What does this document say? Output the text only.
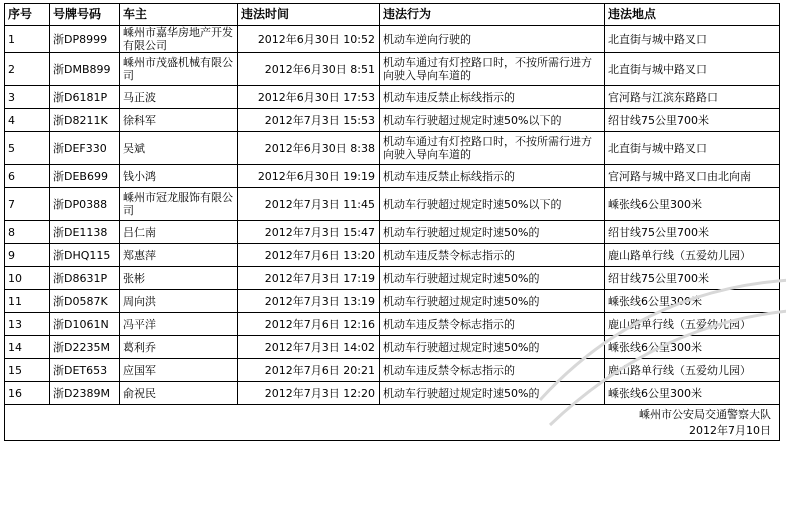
序号	号牌号码	车主	违法时间	违法行为	违法地点
1	浙DP8999	嵊州市嘉华房地产开发有限公司	2012年6月30日 10:52	机动车逆向行驶的	北直街与城中路叉口
2	浙DMB899	嵊州市茂盛机械有限公司	2012年6月30日 8:51	机动车通过有灯控路口时，不按所需行进方向驶入导向车道的	北直街与城中路叉口
3	浙D6181P	马正波	2012年6月30日 17:53	机动车违反禁止标线指示的	官河路与江滨东路路口
4	浙D8211K	徐科军	2012年7月3日 15:53	机动车行驶超过规定时速50%以下的	绍甘线75公里700米
5	浙DEF330	吴斌	2012年6月30日 8:38	机动车通过有灯控路口时，不按所需行进方向驶入导向车道的	北直街与城中路叉口
6	浙DEB699	钱小鸿	2012年6月30日 19:19	机动车违反禁止标线指示的	官河路与城中路叉口由北向南
7	浙DP0388	嵊州市冠龙服饰有限公司	2012年7月3日 11:45	机动车行驶超过规定时速50%以下的	嵊张线6公里300米
8	浙DE1138	吕仁南	2012年7月3日 15:47	机动车行驶超过规定时速50%的	绍甘线75公里700米
9	浙DHQ115	郑惠萍	2012年7月6日 13:20	机动车违反禁令标志指示的	鹿山路单行线（五爱幼儿园）
10	浙D8631P	张彬	2012年7月3日 17:19	机动车行驶超过规定时速50%的	绍甘线75公里700米
11	浙D0587K	周向洪	2012年7月3日 13:19	机动车行驶超过规定时速50%的	嵊张线6公里300米
13	浙D1061N	冯平洋	2012年7月6日 12:16	机动车违反禁令标志指示的	鹿山路单行线（五爱幼儿园）
14	浙D2235M	葛利乔	2012年7月3日 14:02	机动车行驶超过规定时速50%的	嵊张线6公里300米
15	浙DET653	应国军	2012年7月6日 20:21	机动车违反禁令标志指示的	鹿山路单行线（五爱幼儿园）
16	浙D2389M	俞祝民	2012年7月3日 12:20	机动车行驶超过规定时速50%的	嵊张线6公里300米

嵊州市公安局交通警察大队
2012年7月10日					
